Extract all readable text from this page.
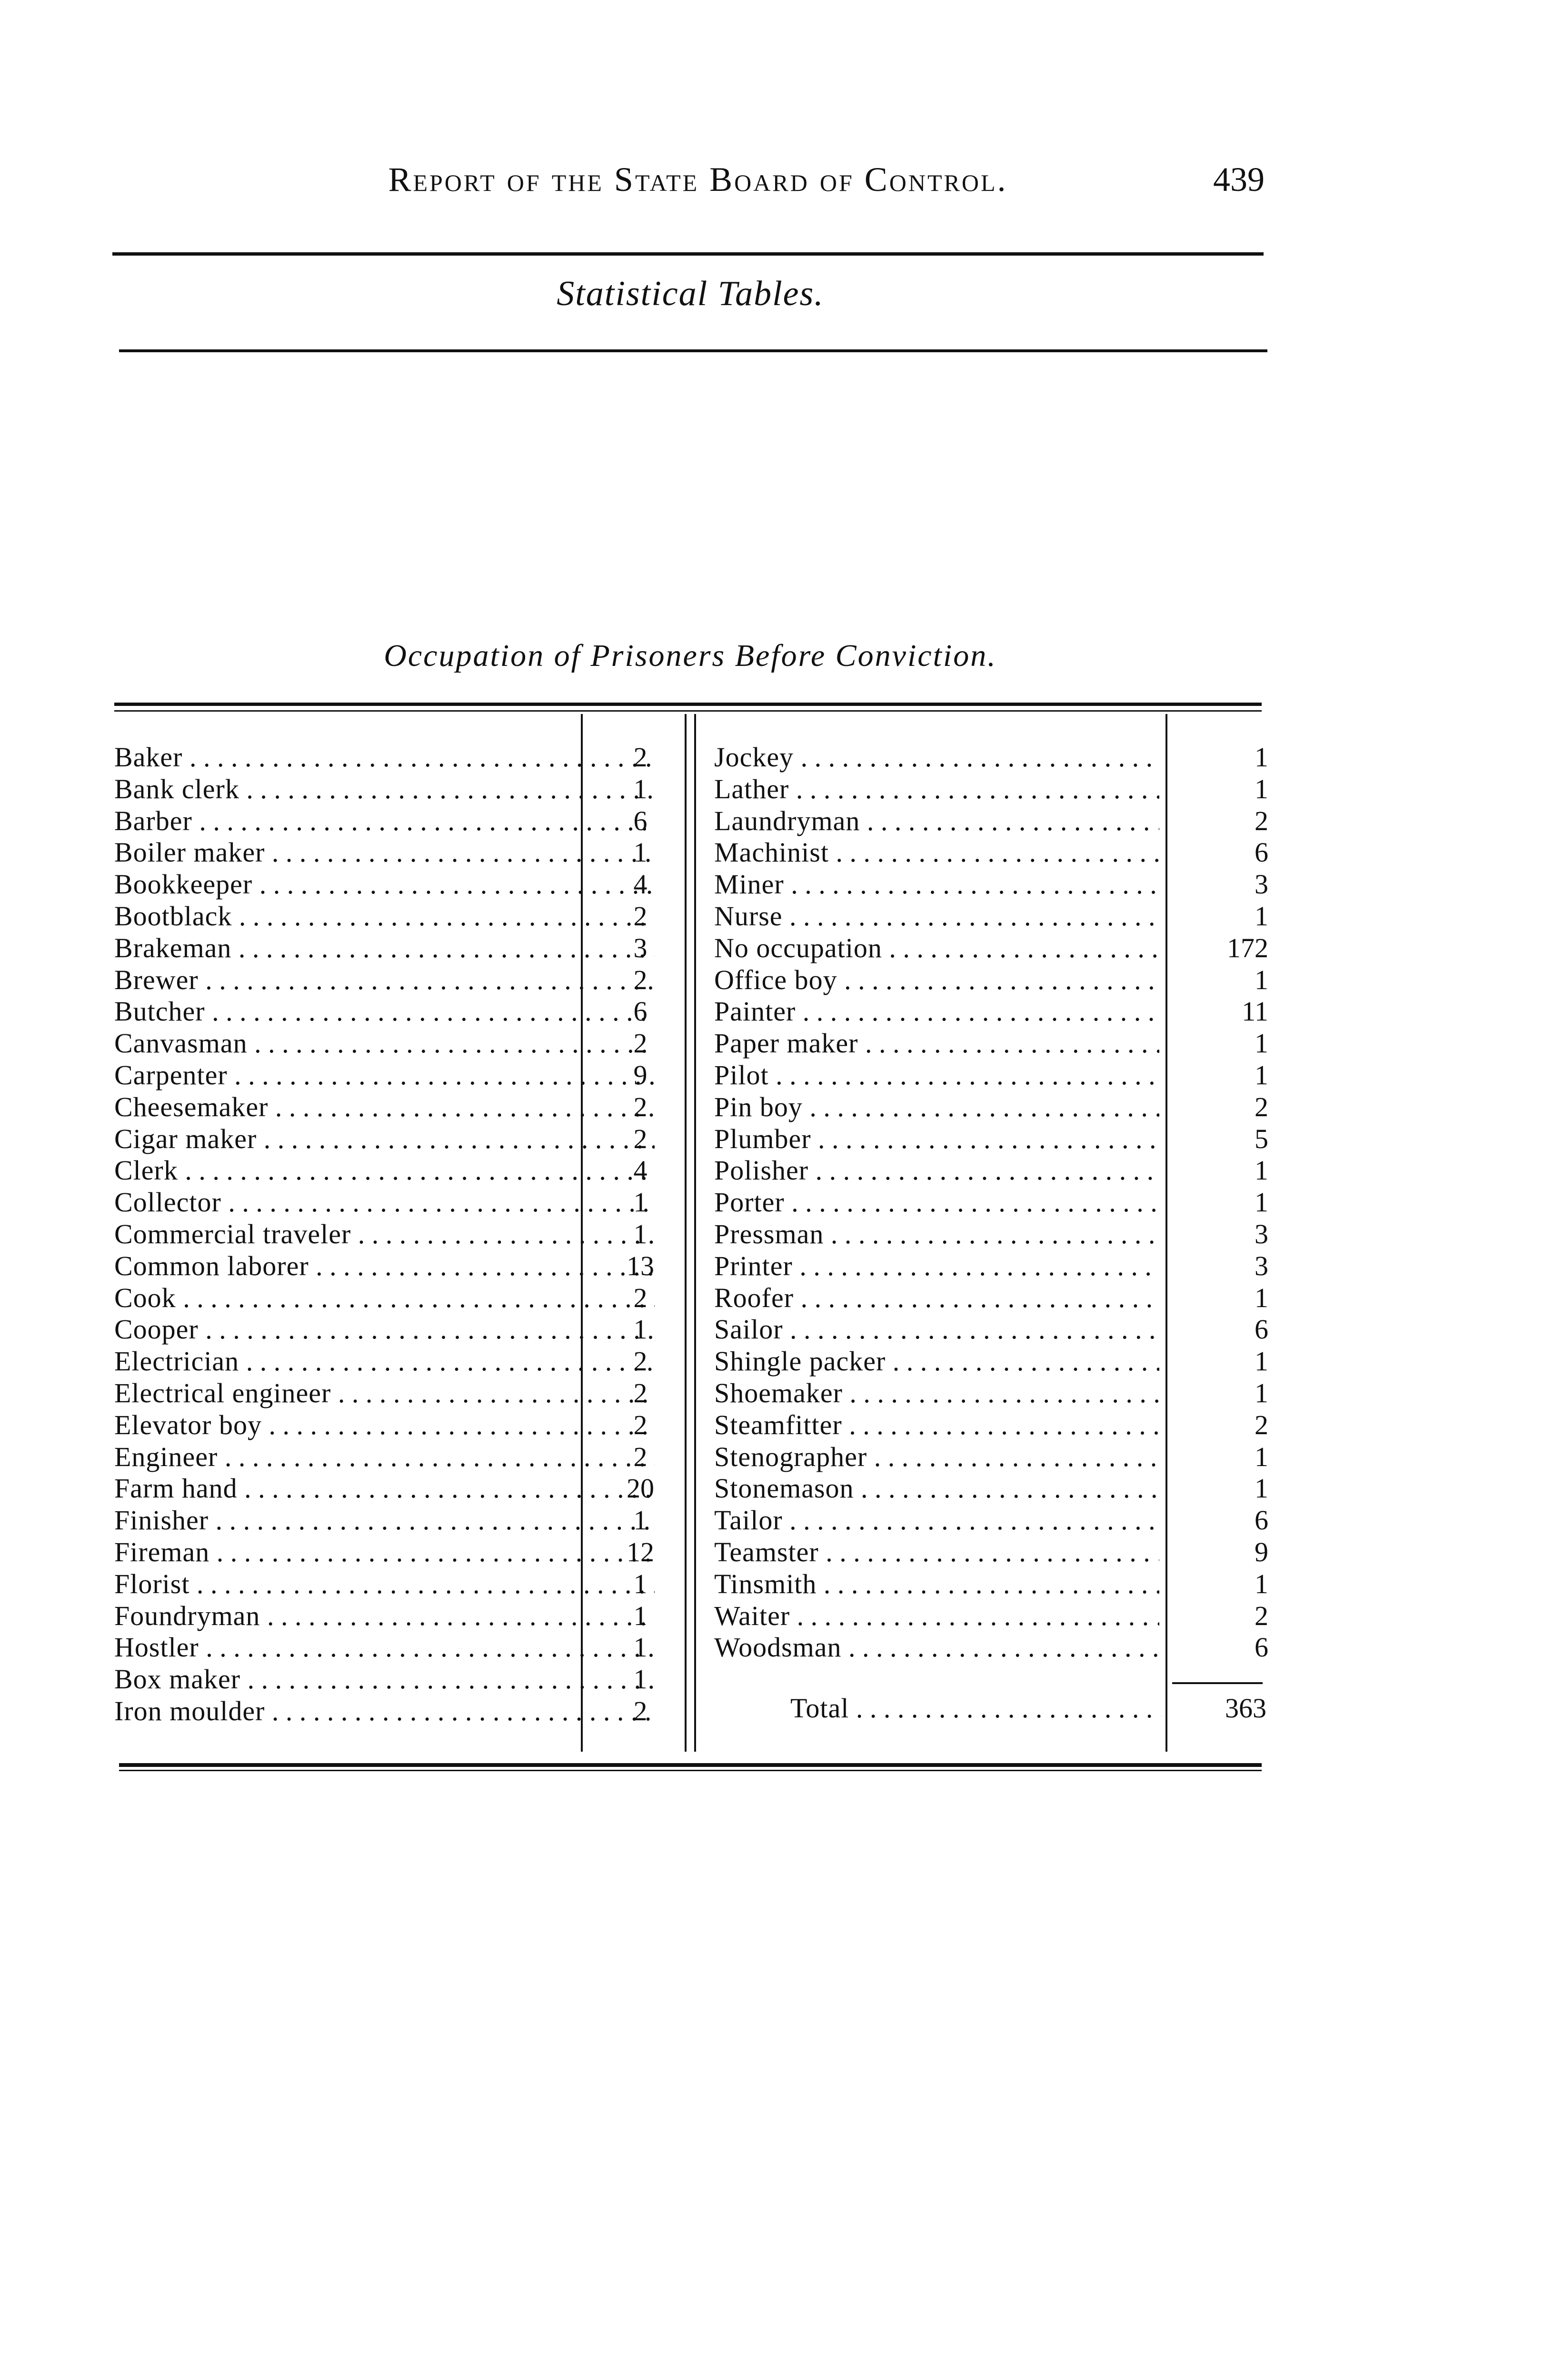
Report of the State Board of Control.	439
Statistical Tables.
Occupation of Prisoners Before Conviction.
Baker . . .
Bank clerk . . .
Barber . . .
Boiler maker . . .
Bookkeeper . . .
Bootblack . . .
Brakeman . . .
Brewer . . .
Butcher . . .
Canvasman . . .
Carpenter . . .
Cheesemaker . . .
Cigar maker . . .
Clerk . . .
Collector . . .
Commercial traveler . . .
Common laborer . . .
Cook . . .
Cooper . . .
Electrician . . .
Electrical engineer . . .
Elevator boy . . .
Engineer . . .
Farm hand . . .
Finisher . . .
Fireman . . .
Florist . . .
Foundryman . . .
Hostler . . .
Box maker . . .
Iron moulder . . .
2
1
6
1
4
2
3
2
6
2
9
2
2
4
1
1
13
2
1
2
2
2
2
20
1
12
1
1
1
1
2
Jockey . . .
Lather . . .
Laundryman . . .
Machinist . . .
Miner . . .
Nurse . . .
No occupation . . .
Office boy . . .
Painter . . .
Paper maker . . .
Pilot . . .
Pin boy . . .
Plumber . . .
Polisher . . .
Porter . . .
Pressman . . .
Printer . . .
Roofer . . .
Sailor . . .
Shingle packer . . .
Shoemaker . . .
Steamfitter . . .
Stenographer . . .
Stonemason . . .
Tailor . . .
Teamster . . .
Tinsmith . . .
Waiter . . .
Woodsman . . .
1
1
2
6
3
1
172
1
11
1
1
2
5
1
1
3
3
1
6
1
1
2
1
1
6
9
1
2
6
Total . . .	363
